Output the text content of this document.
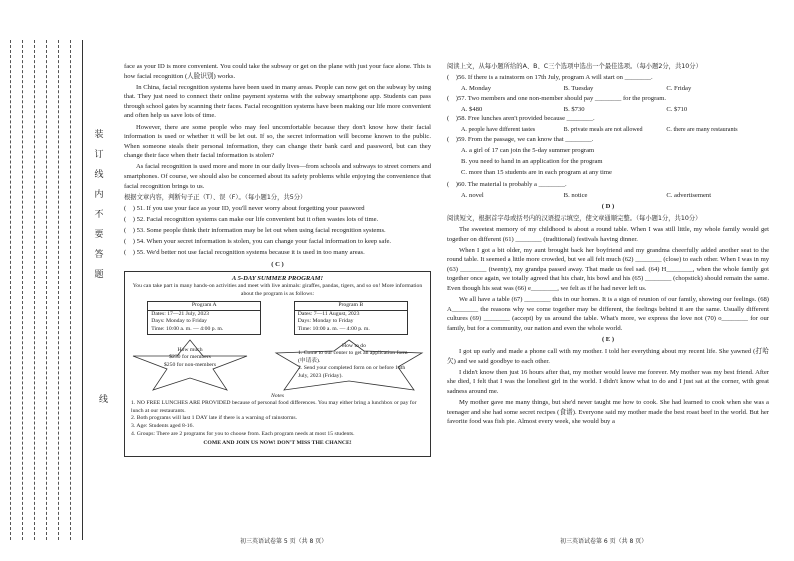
装
订
线
内
不
要
答
题
线

face as your ID is more convenient. You could take the subway or get on the plane with just your face alone. This is how facial recognition (人脸识别) works.

In China, facial recognition systems have been used in many areas. People can now get on the subway by using that. They just need to connect their online payment systems with the subway smartphone app. Students can pass through school gates by scanning their faces. Facial recognition systems have been making our life more convenient and often help us save lots of time.

However, there are some people who may feel uncomfortable because they don't know how their facial information is used or whether it will be let out. If so, the secret information will become known to the public. When someone steals their personal information, they can change their bank card and password, but can they change their face when their facial information is stolen?

As facial recognition is used more and more in our daily lives—from schools and subways to street corners and smartphones. Of course, we should also be concerned about its safety problems while enjoying the convenience that facial recognition brings to us.

根据文章内容，判断句子正（T）、误（F）。（每小题1分，共5分）

(　) 51. If you use your face as your ID, you'll never worry about forgetting your password

(　) 52. Facial recognition systems can make our life convenient but it often wastes lots of time.

(　) 53. Some people think their information may be let out when using facial recognition systems.

(　) 54. When your secret information is stolen, you can change your facial information to keep safe.

(　) 55. We'd better not use facial recognition systems because it is used in too many areas.

( C )
A 5-DAY SUMMER PROGRAM!
You can take part in many hands-on activities and meet with live animals: giraffes, pandas, tigers, and so on! More information about the program is as follows:
Program A
Dates: 17—21 July, 2023
Days: Monday to Friday
Time: 10:00 a. m. — 4:00 p. m.
Program B
Dates: 7—11 August, 2023
Days: Monday to Friday
Time: 10:00 a. m. — 4:00 p. m.
How much
$230 for members
$250 for non-members
How to do
1. Come to our center to get an application form (申请表).
2. Send your completed form on or before 14th July, 2023 (Friday).
Notes
1. NO FREE LUNCHES ARE PROVIDED because of personal food differences. You may either bring a lunchbox or pay for lunch at our restaurants.
2. Both programs will last 1 DAY late if there is a warning of rainstorms.
3. Age: Students aged 8-16.
4. Groups: There are 2 programs for you to choose from. Each program needs at most 15 students.
COME AND JOIN US NOW! DON'T MISS THE CHANCE!

阅读上文，从每小题所给的A、B、C三个选项中选出一个最佳选项。（每小题2分，共10分）

(　)56. If there is a rainstorm on 17th July, program A will start on ________.

A. Monday	B. Tuesday	C. Friday

(　)57. Two members and one non-member should pay ________ for the program.

A. $480	B. $730	C. $710

(　)58. Free lunches aren't provided because ________.

A. people have different tastes	B. private meals are not allowed	C. there are many restaurants

(　)59. From the passage, we can know that ________.

A. a girl of 17 can join the 5-day summer program

B. you need to hand in an application for the program

C. more than 15 students are in each program at any time

(　)60. The material is probably a ________.

A. novel	B. notice	C. advertisement
( D )

阅读短文，根据首字母或括号内的汉语提示填空，使文章通顺完整。（每小题1分，共10分）

The sweetest memory of my childhood is about a round table. When I was still little, my whole family would get together on different (61) ________ (traditional) festivals having dinner.

When I got a bit older, my aunt brought back her boyfriend and my grandma cheerfully added another seat to the round table. It seemed a little more crowded, but we all felt much (62) ________ (close) to each other. When I was in my (63) ________ (twenty), my grandpa passed away. That made us feel sad. (64) H________, when the whole family got together once again, we totally agreed that his chair, his bowl and his (65) ________ (chopstick) should remain the same. Even though his seat was (66) e________, we felt as if he had never left us.

We all have a table (67) ________ this in our homes. It is a sign of reunion of our family, showing our feelings. (68) A________ the reasons why we come together may be different, the feelings behind it are the same. Usually different cultures (69) ________ (accept) by us around the table. What's more, we express the love not (70) o________ for our family, but for a community, our nation and even the whole world.

( E )

I got up early and made a phone call with my mother. I told her everything about my recent life. She yawned (打哈欠) and we said goodbye to each other.

I didn't know then just 16 hours after that, my mother would leave me forever. My mother was my best friend. After she died, I felt that I was the loneliest girl in the world. I didn't know what to do and I just sat at the corner, with great sadness around me.

My mother gave me many things, but she'd never taught me how to cook. She had learned to cook when she was a teenager and she had some secret recipes (食谱). Everyone said my mother made the best roast beef in the world. But her favorite food was fish pie. Almost every week, she would buy a

初三英语试卷第 5 页（共 8 页）	初三英语试卷第 6 页（共 8 页）
